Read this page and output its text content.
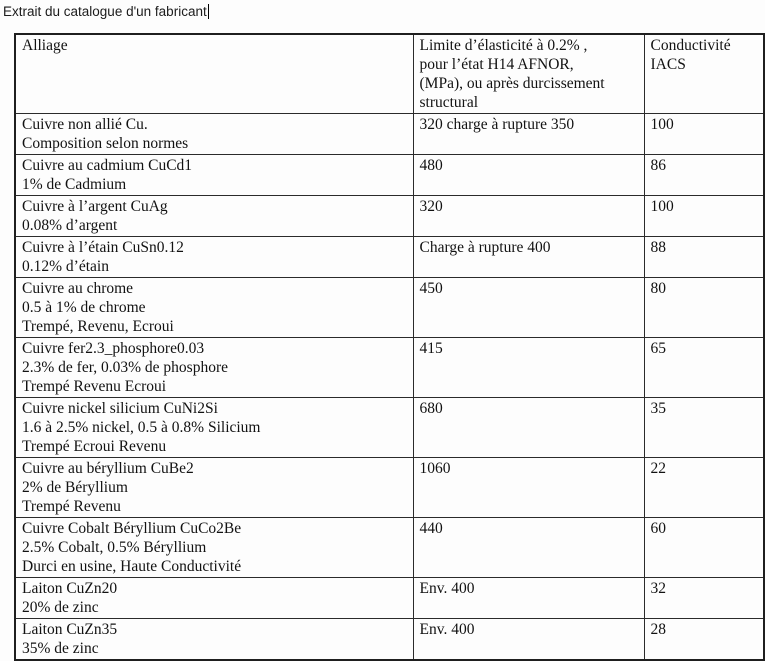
Extrait du catalogue d'un fabricant
Alliage	Limite d’élasticité à 0.2% ,
pour l’état H14 AFNOR,
(MPa), ou après durcissement
structural	Conductivité
IACS
Cuivre non allié Cu.
Composition selon normes	320 charge à rupture 350	100
Cuivre au cadmium CuCd1
1% de Cadmium	480	86
Cuivre à l’argent CuAg
0.08% d’argent	320	100
Cuivre à l’étain CuSn0.12
0.12% d’étain	Charge à rupture 400	88
Cuivre au chrome
0.5 à 1% de chrome
Trempé, Revenu, Ecroui	450	80
Cuivre fer2.3_phosphore0.03
2.3% de fer, 0.03% de phosphore
Trempé Revenu Ecroui	415	65
Cuivre nickel silicium CuNi2Si
1.6 à 2.5% nickel, 0.5 à 0.8% Silicium
Trempé Ecroui Revenu	680	35
Cuivre au béryllium CuBe2
2% de Béryllium
Trempé Revenu	1060	22
Cuivre Cobalt Béryllium CuCo2Be
2.5% Cobalt, 0.5% Béryllium
Durci en usine, Haute Conductivité	440	60
Laiton CuZn20
20% de zinc	Env. 400	32
Laiton CuZn35
35% de zinc	Env. 400	28
